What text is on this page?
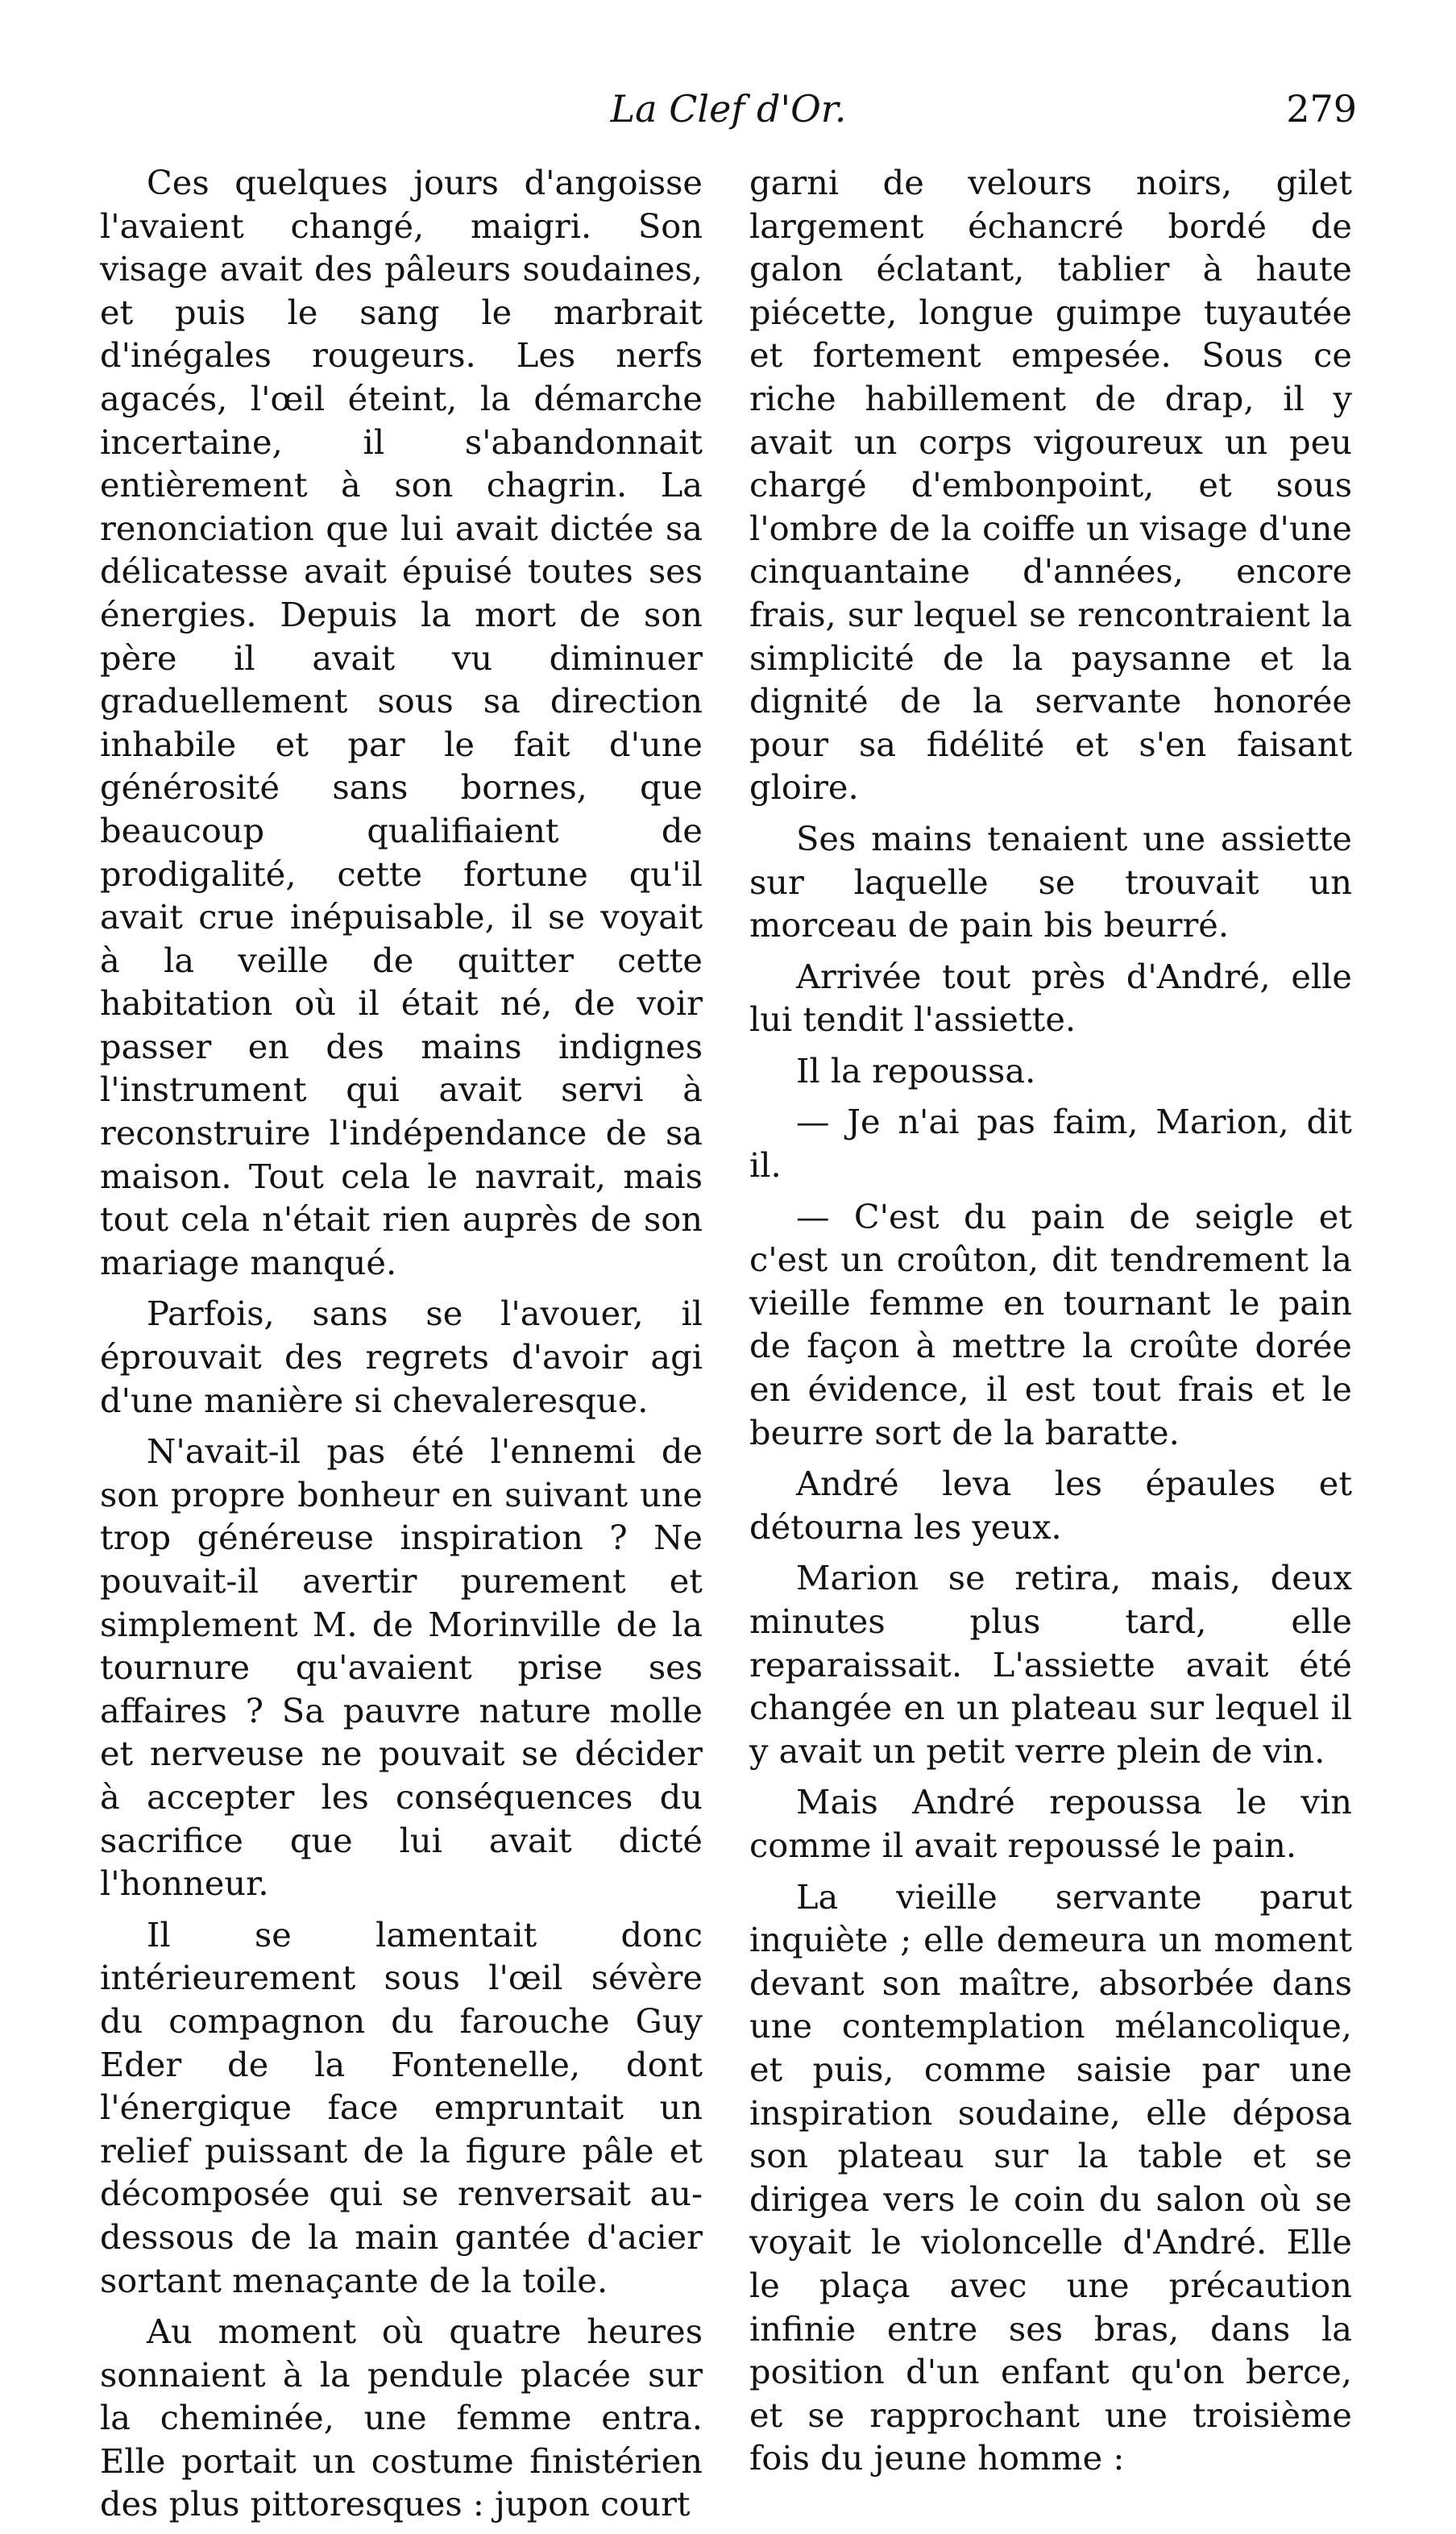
La Clef d'Or.	279

Ces quelques jours d'angoisse l'avaient changé, maigri. Son visage avait des pâleurs soudaines, et puis le sang le marbrait d'inégales rougeurs. Les nerfs agacés, l'œil éteint, la démarche incertaine, il s'abandonnait entièrement à son chagrin. La renonciation que lui avait dictée sa délicatesse avait épuisé toutes ses énergies. Depuis la mort de son père il avait vu diminuer graduellement sous sa direction inhabile et par le fait d'une générosité sans bornes, que beaucoup qualifiaient de prodigalité, cette fortune qu'il avait crue inépuisable, il se voyait à la veille de quitter cette habitation où il était né, de voir passer en des mains indignes l'instrument qui avait servi à reconstruire l'indépendance de sa maison. Tout cela le navrait, mais tout cela n'était rien auprès de son mariage manqué.

Parfois, sans se l'avouer, il éprouvait des regrets d'avoir agi d'une manière si chevaleresque.

N'avait-il pas été l'ennemi de son propre bonheur en suivant une trop généreuse inspiration ? Ne pouvait-il avertir purement et simplement M. de Morinville de la tournure qu'avaient prise ses affaires ? Sa pauvre nature molle et nerveuse ne pouvait se décider à accepter les conséquences du sacrifice que lui avait dicté l'honneur.

Il se lamentait donc intérieurement sous l'œil sévère du compagnon du farouche Guy Eder de la Fontenelle, dont l'énergique face empruntait un relief puissant de la figure pâle et décomposée qui se renversait au-dessous de la main gantée d'acier sortant menaçante de la toile.

Au moment où quatre heures sonnaient à la pendule placée sur la cheminée, une femme entra. Elle portait un costume finistérien des plus pittoresques : jupon court

garni de velours noirs, gilet largement échancré bordé de galon éclatant, tablier à haute piécette, longue guimpe tuyautée et fortement empesée. Sous ce riche habillement de drap, il y avait un corps vigoureux un peu chargé d'embonpoint, et sous l'ombre de la coiffe un visage d'une cinquantaine d'années, encore frais, sur lequel se rencontraient la simplicité de la paysanne et la dignité de la servante honorée pour sa fidélité et s'en faisant gloire.

Ses mains tenaient une assiette sur laquelle se trouvait un morceau de pain bis beurré.

Arrivée tout près d'André, elle lui tendit l'assiette.

Il la repoussa.

— Je n'ai pas faim, Marion, dit il.

— C'est du pain de seigle et c'est un croûton, dit tendrement la vieille femme en tournant le pain de façon à mettre la croûte dorée en évidence, il est tout frais et le beurre sort de la baratte.

André leva les épaules et détourna les yeux.

Marion se retira, mais, deux minutes plus tard, elle reparaissait. L'assiette avait été changée en un plateau sur lequel il y avait un petit verre plein de vin.

Mais André repoussa le vin comme il avait repoussé le pain.

La vieille servante parut inquiète ; elle demeura un moment devant son maître, absorbée dans une contemplation mélancolique, et puis, comme saisie par une inspiration soudaine, elle déposa son plateau sur la table et se dirigea vers le coin du salon où se voyait le violoncelle d'André. Elle le plaça avec une précaution infinie entre ses bras, dans la position d'un enfant qu'on berce, et se rapprochant une troisième fois du jeune homme :
